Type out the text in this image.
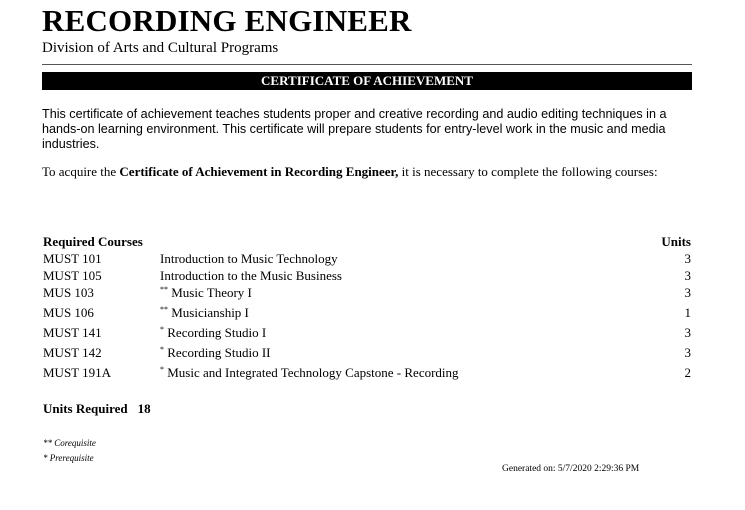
RECORDING ENGINEER
Division of Arts and Cultural Programs
CERTIFICATE OF ACHIEVEMENT
This certificate of achievement teaches students proper and creative recording and audio editing techniques in a hands-on learning environment. This certificate will prepare students for entry-level work in the music and media industries.
To acquire the Certificate of Achievement in Recording Engineer, it is necessary to complete the following courses:
Required Courses	Units
MUST 101	Introduction to Music Technology	3
MUST 105	Introduction to the Music Business	3
MUS 103	** Music Theory I	3
MUS 106	** Musicianship I	1
MUST 141	* Recording Studio I	3
MUST 142	* Recording Studio II	3
MUST 191A	* Music and Integrated Technology Capstone - Recording	2
Units Required 18
** Corequisite
* Prerequisite
Generated on: 5/7/2020 2:29:36 PM
